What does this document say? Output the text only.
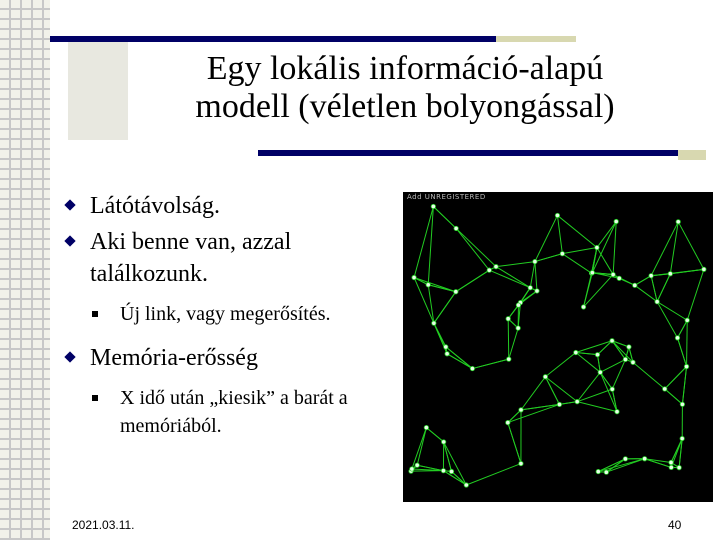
Egy lokális információ-alapú
modell (véletlen bolyongással)
Látótávolság.
Aki benne van, azzal találkozunk.
Új link, vagy megerősítés.
Memória-erősség
X idő után „kiesik” a barát a memóriából.
Add UNREGISTERED
2021.03.11.	40
